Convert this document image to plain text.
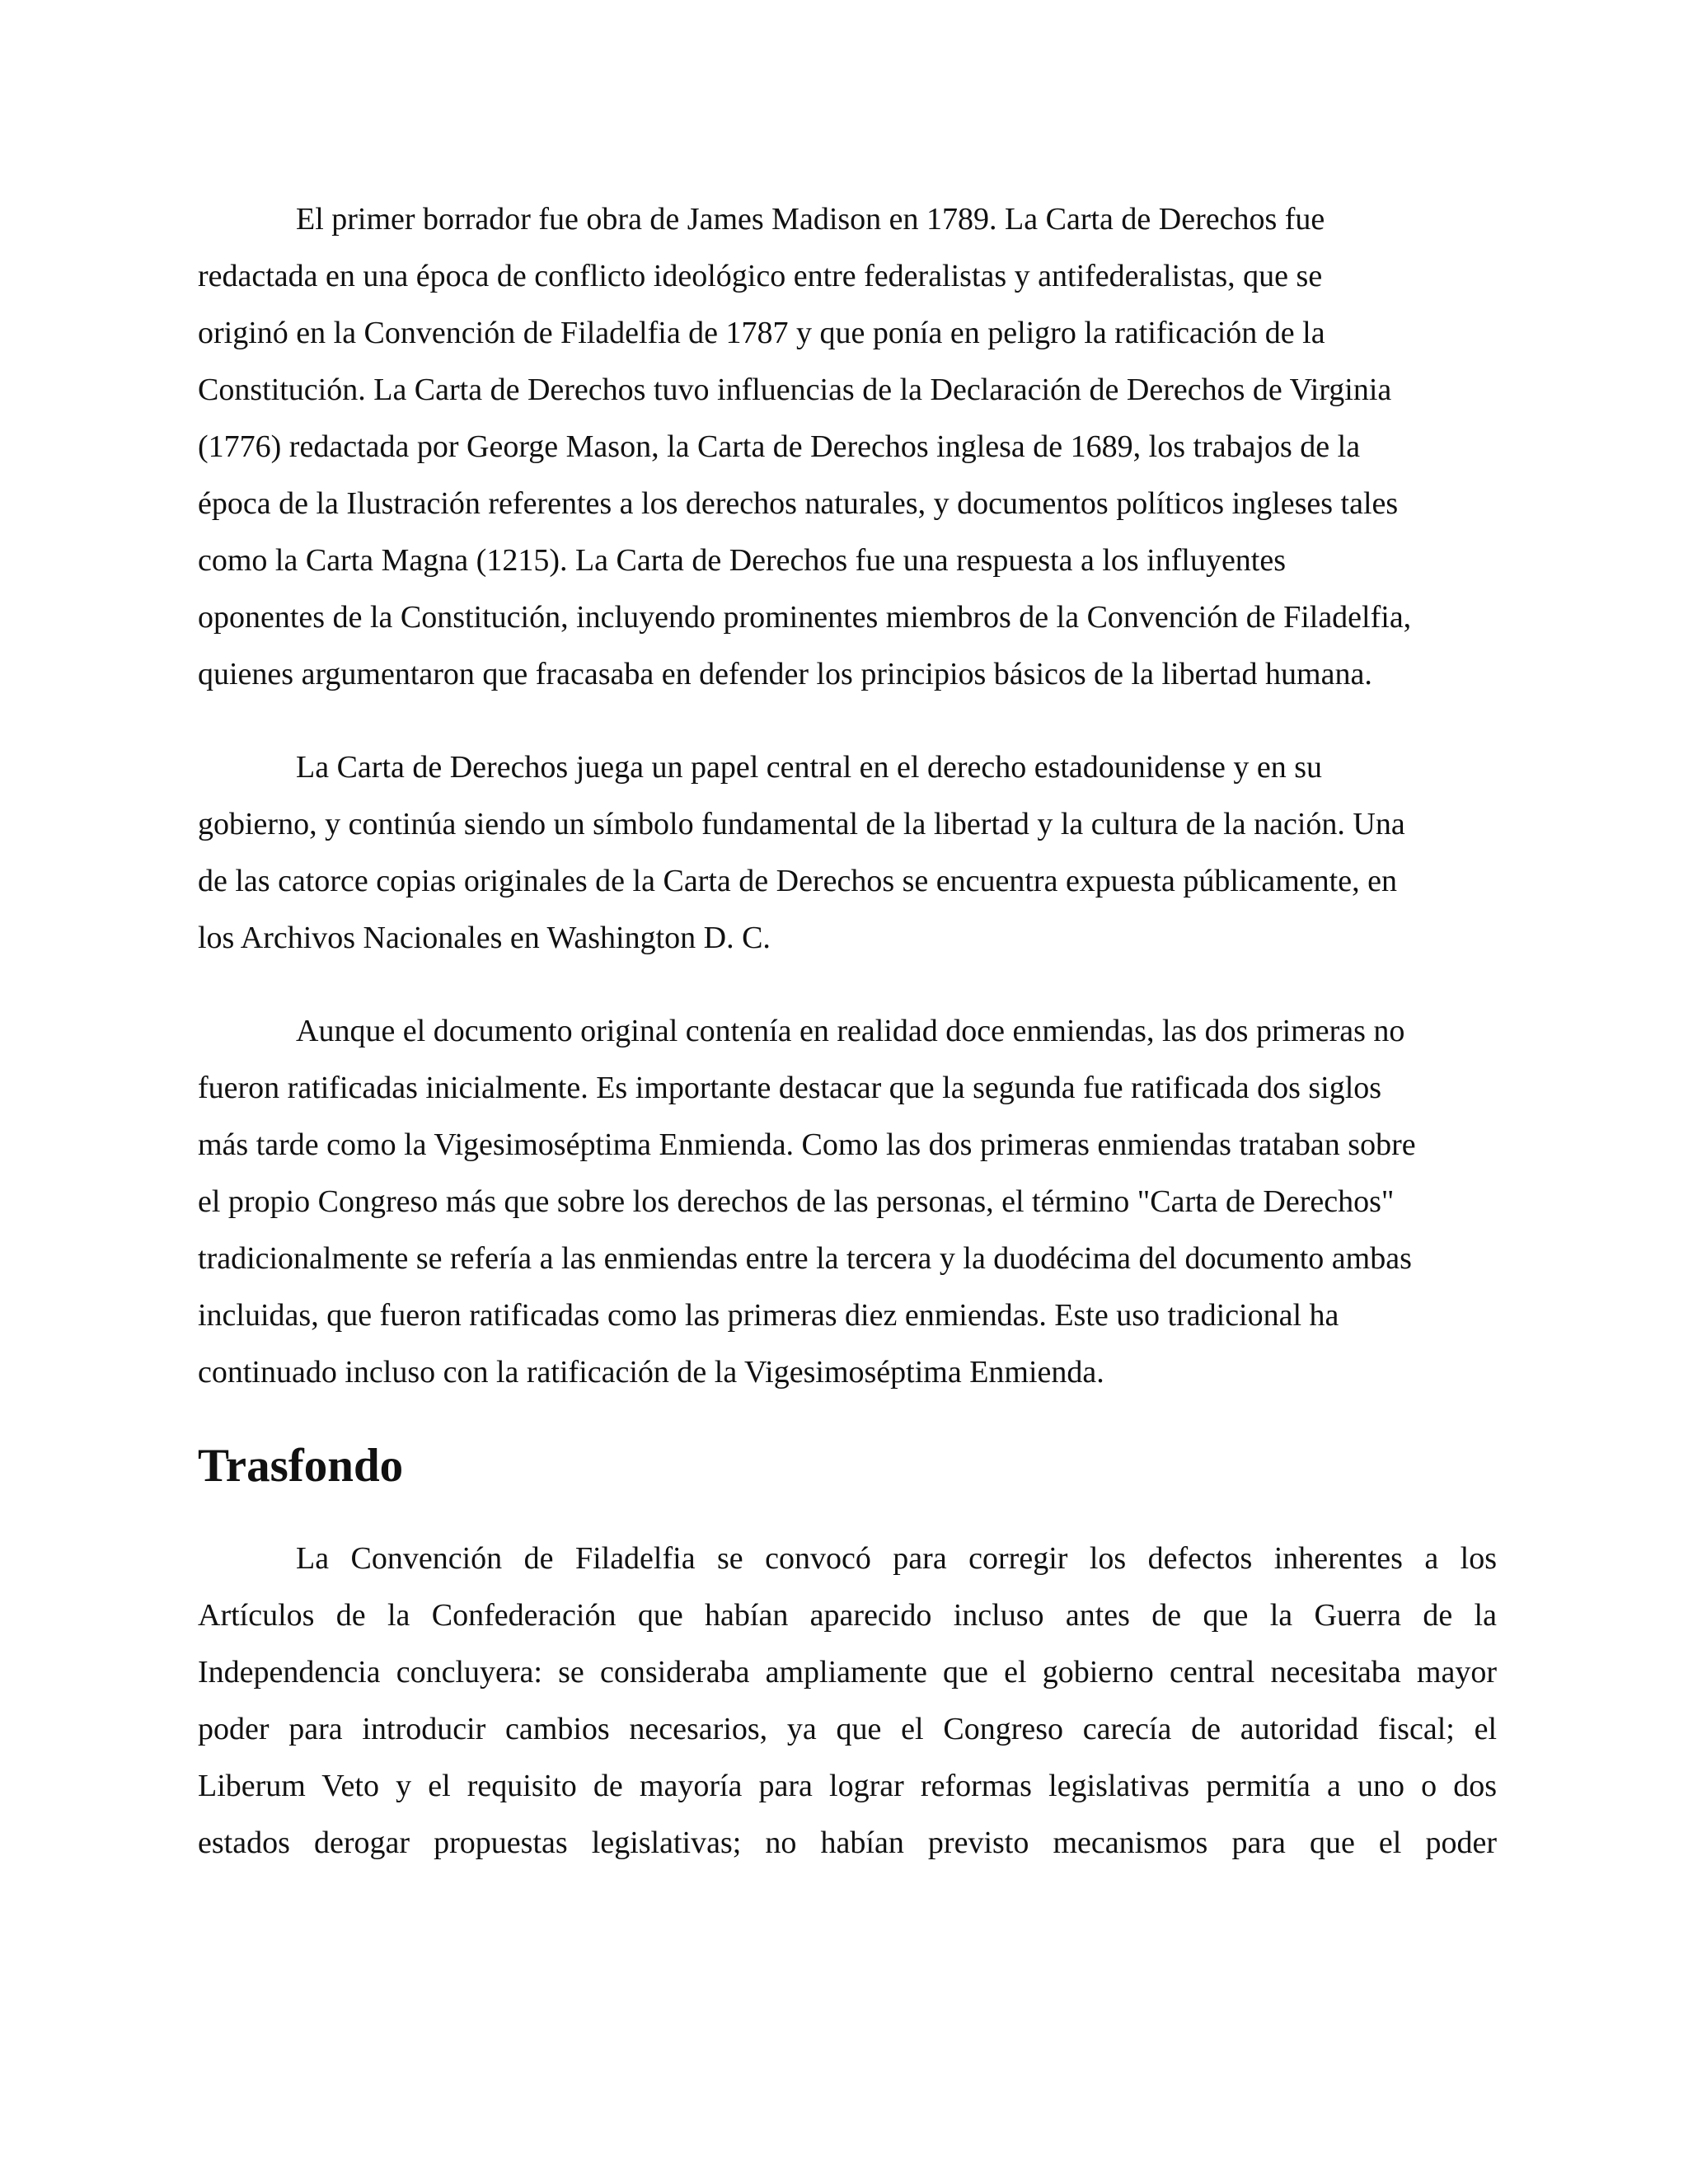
El primer borrador fue obra de James Madison en 1789. La Carta de Derechos fue
redactada en una época de conflicto ideológico entre federalistas y antifederalistas, que se
originó en la Convención de Filadelfia de 1787 y que ponía en peligro la ratificación de la
Constitución. La Carta de Derechos tuvo influencias de la Declaración de Derechos de Virginia
(1776) redactada por George Mason, la Carta de Derechos inglesa de 1689, los trabajos de la
época de la Ilustración referentes a los derechos naturales, y documentos políticos ingleses tales
como la Carta Magna (1215). La Carta de Derechos fue una respuesta a los influyentes
oponentes de la Constitución, incluyendo prominentes miembros de la Convención de Filadelfia,
quienes argumentaron que fracasaba en defender los principios básicos de la libertad humana.

La Carta de Derechos juega un papel central en el derecho estadounidense y en su
gobierno, y continúa siendo un símbolo fundamental de la libertad y la cultura de la nación. Una
de las catorce copias originales de la Carta de Derechos se encuentra expuesta públicamente, en
los Archivos Nacionales en Washington D. C.

Aunque el documento original contenía en realidad doce enmiendas, las dos primeras no
fueron ratificadas inicialmente. Es importante destacar que la segunda fue ratificada dos siglos
más tarde como la Vigesimoséptima Enmienda. Como las dos primeras enmiendas trataban sobre
el propio Congreso más que sobre los derechos de las personas, el término "Carta de Derechos"
tradicionalmente se refería a las enmiendas entre la tercera y la duodécima del documento ambas
incluidas, que fueron ratificadas como las primeras diez enmiendas. Este uso tradicional ha
continuado incluso con la ratificación de la Vigesimoséptima Enmienda.

Trasfondo

La Convención de Filadelfia se convocó para corregir los defectos inherentes a los
Artículos de la Confederación que habían aparecido incluso antes de que la Guerra de la
Independencia concluyera: se consideraba ampliamente que el gobierno central necesitaba mayor
poder para introducir cambios necesarios, ya que el Congreso carecía de autoridad fiscal; el
Liberum Veto y el requisito de mayoría para lograr reformas legislativas permitía a uno o dos
estados derogar propuestas legislativas; no habían previsto mecanismos para que el poder
